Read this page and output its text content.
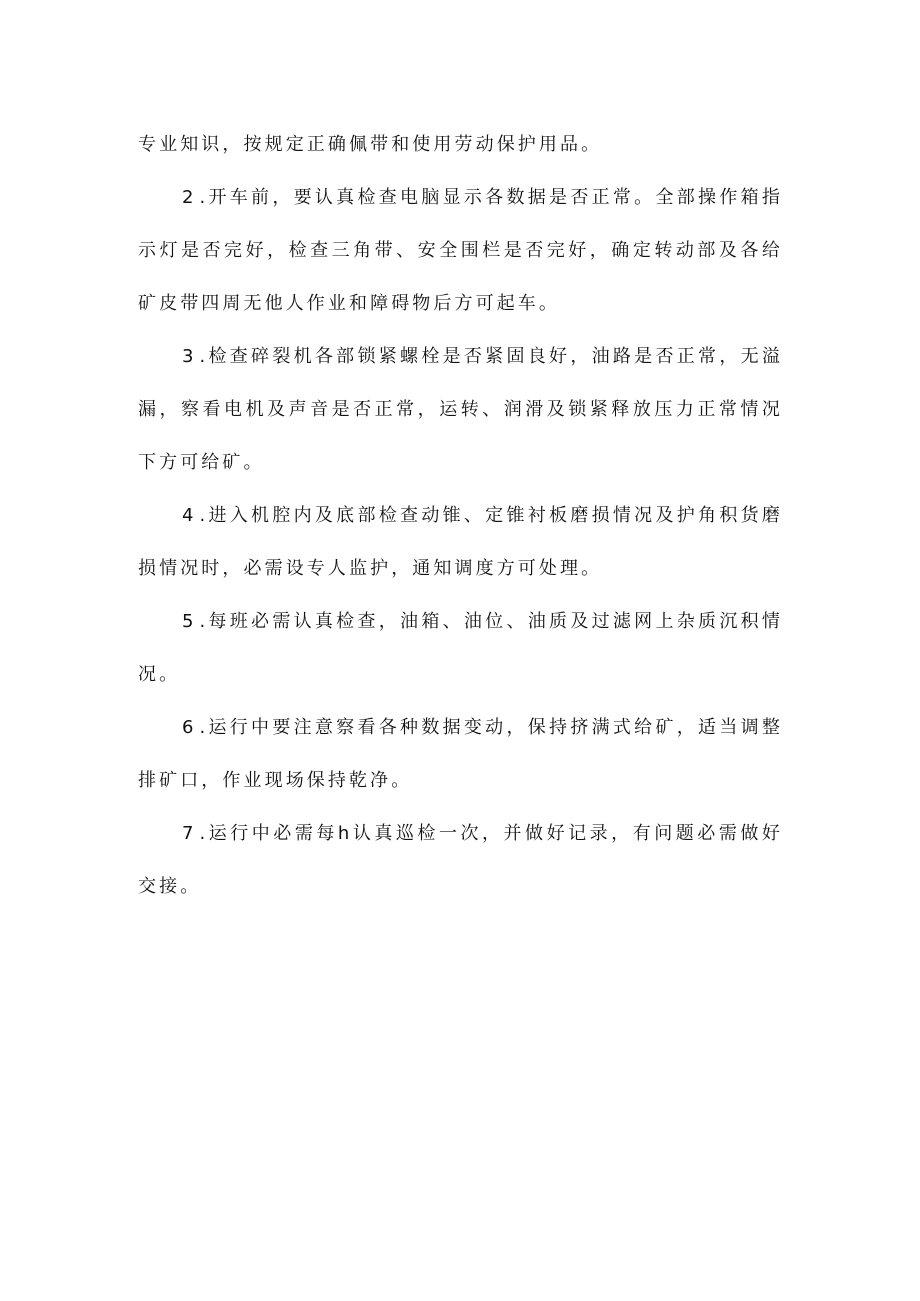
专业知识，按规定正确佩带和使用劳动保护用品。

2 .开车前，要认真检查电脑显示各数据是否正常。全部操作箱指示灯是否完好，检查三角带、安全围栏是否完好，确定转动部及各给矿皮带四周无他人作业和障碍物后方可起车。

3 .检查碎裂机各部锁紧螺栓是否紧固良好，油路是否正常，无溢漏，察看电机及声音是否正常，运转、润滑及锁紧释放压力正常情况下方可给矿。

4 .进入机腔内及底部检查动锥、定锥衬板磨损情况及护角积货磨损情况时，必需设专人监护，通知调度方可处理。

5 .每班必需认真检查，油箱、油位、油质及过滤网上杂质沉积情况。

6 .运行中要注意察看各种数据变动，保持挤满式给矿，适当调整排矿口，作业现场保持乾净。

7 .运行中必需每h认真巡检一次，并做好记录，有问题必需做好交接。
